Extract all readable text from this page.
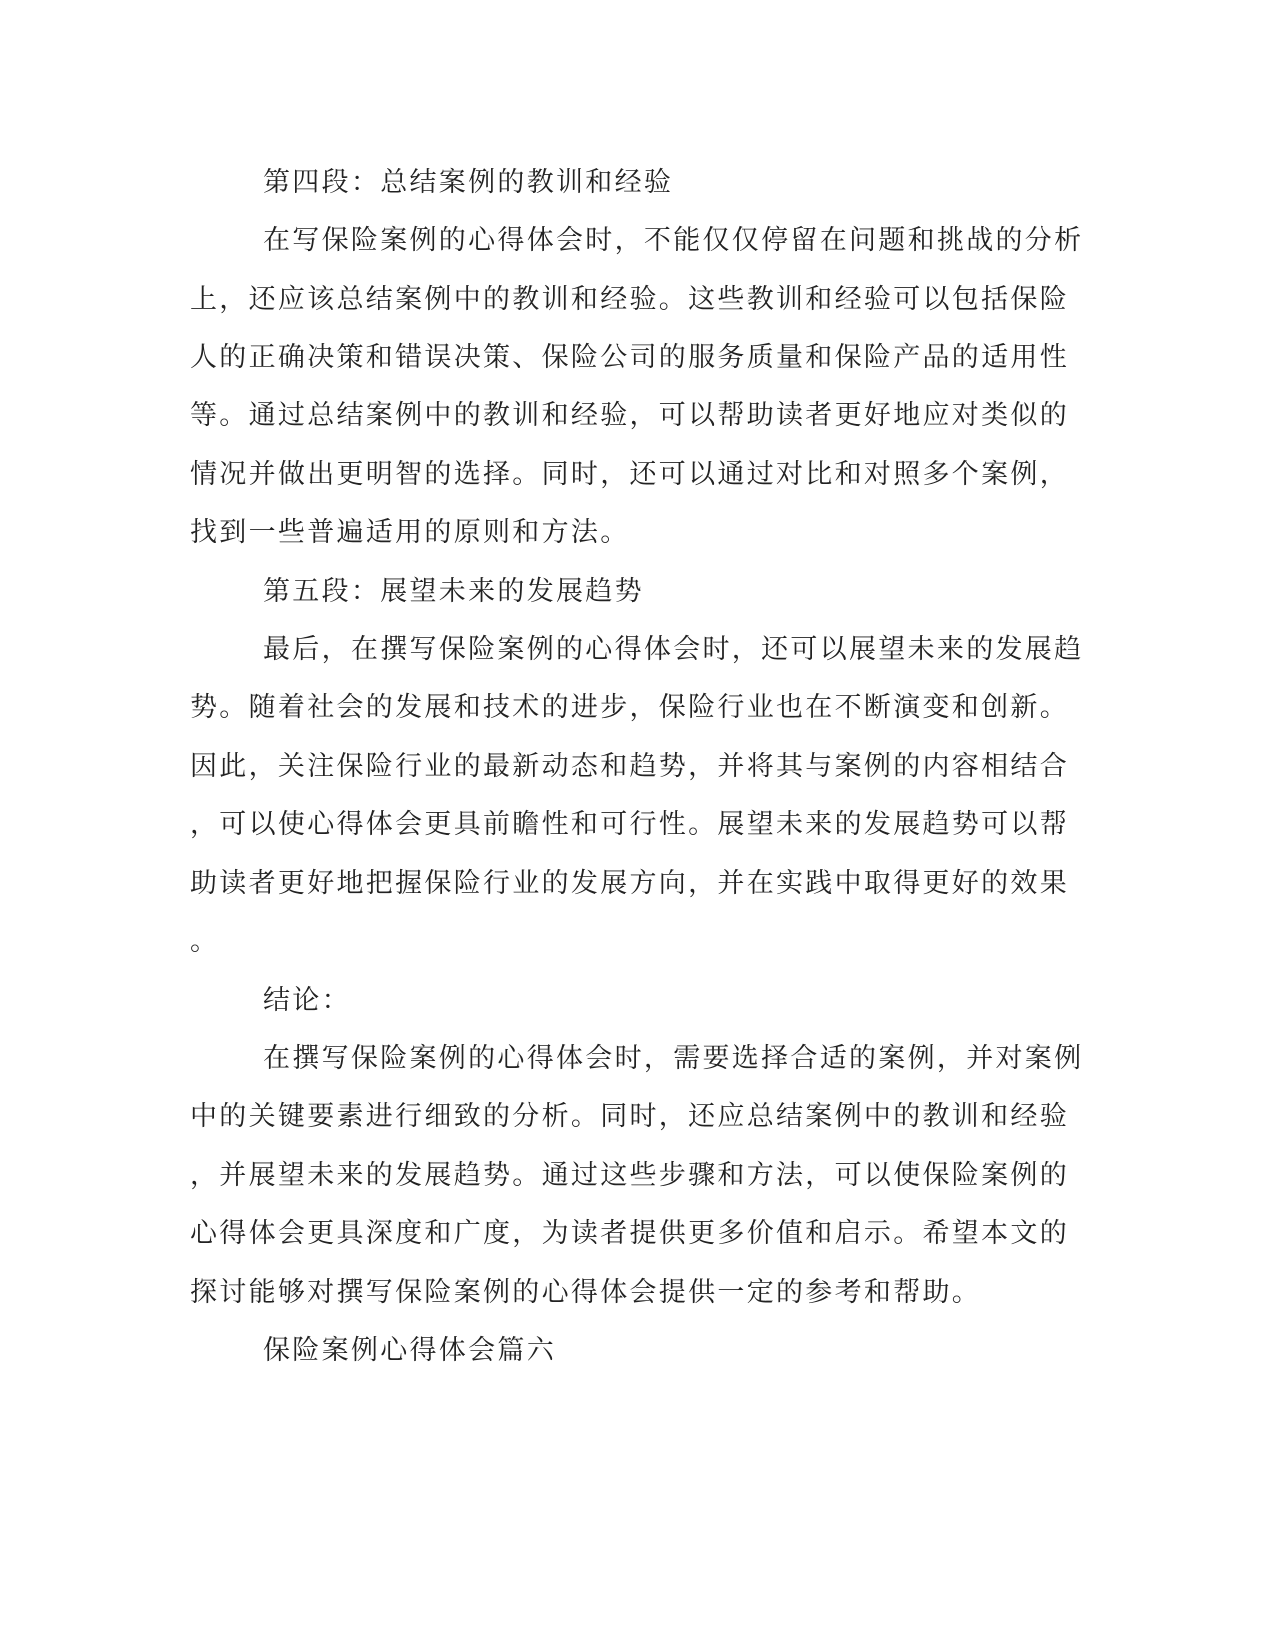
第四段：总结案例的教训和经验

在写保险案例的心得体会时，不能仅仅停留在问题和挑战的分析

上，还应该总结案例中的教训和经验。这些教训和经验可以包括保险

人的正确决策和错误决策、保险公司的服务质量和保险产品的适用性

等。通过总结案例中的教训和经验，可以帮助读者更好地应对类似的

情况并做出更明智的选择。同时，还可以通过对比和对照多个案例，

找到一些普遍适用的原则和方法。

第五段：展望未来的发展趋势

最后，在撰写保险案例的心得体会时，还可以展望未来的发展趋

势。随着社会的发展和技术的进步，保险行业也在不断演变和创新。

因此，关注保险行业的最新动态和趋势，并将其与案例的内容相结合

，可以使心得体会更具前瞻性和可行性。展望未来的发展趋势可以帮

助读者更好地把握保险行业的发展方向，并在实践中取得更好的效果

。

结论：

在撰写保险案例的心得体会时，需要选择合适的案例，并对案例

中的关键要素进行细致的分析。同时，还应总结案例中的教训和经验

，并展望未来的发展趋势。通过这些步骤和方法，可以使保险案例的

心得体会更具深度和广度，为读者提供更多价值和启示。希望本文的

探讨能够对撰写保险案例的心得体会提供一定的参考和帮助。

保险案例心得体会篇六
